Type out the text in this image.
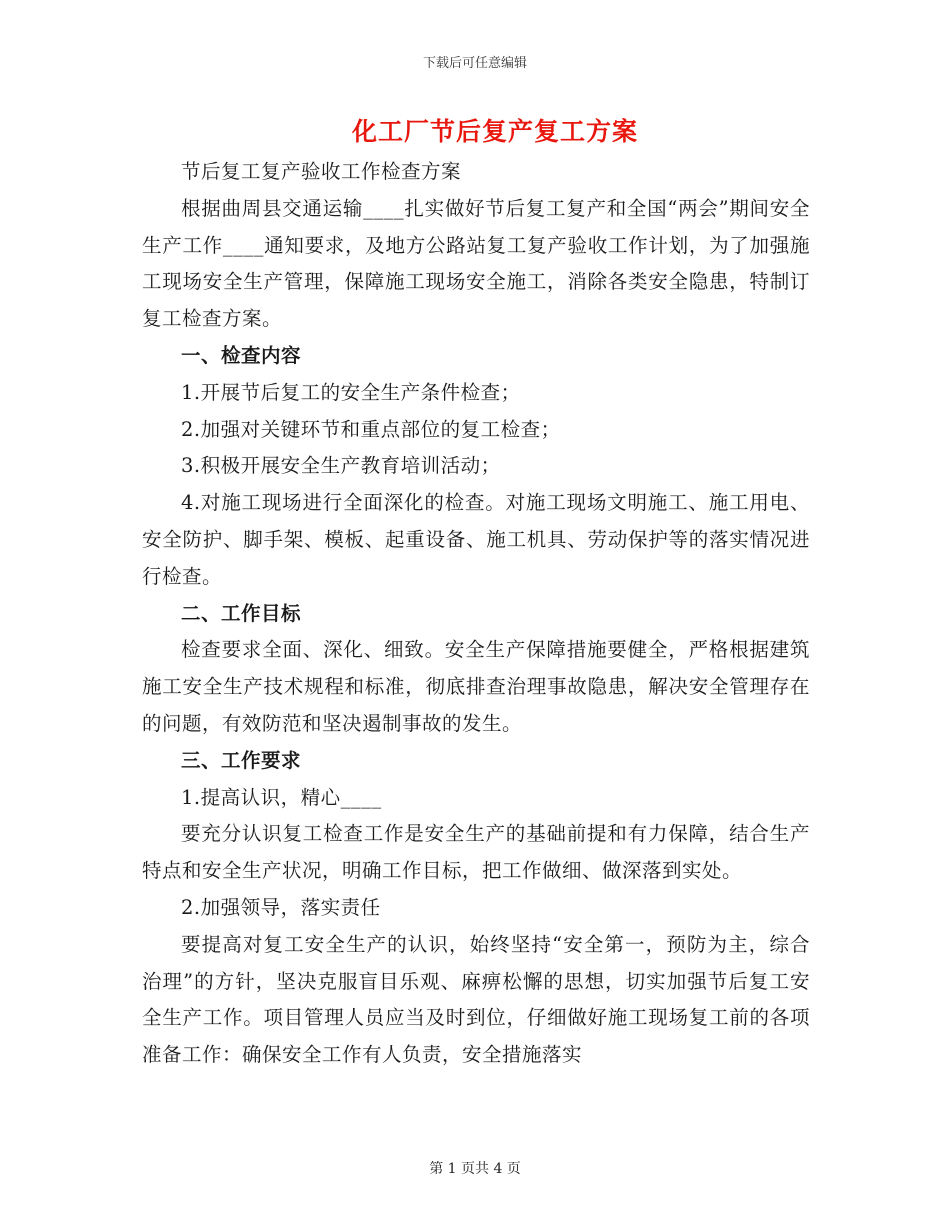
下载后可任意编辑
化工厂节后复产复工方案

节后复工复产验收工作检查方案

根据曲周县交通运输____扎实做好节后复工复产和全国“两会”期间安全生产工作____通知要求，及地方公路站复工复产验收工作计划，为了加强施工现场安全生产管理，保障施工现场安全施工，消除各类安全隐患，特制订复工检查方案。

一、检查内容

1.开展节后复工的安全生产条件检查；

2.加强对关键环节和重点部位的复工检查；

3.积极开展安全生产教育培训活动；

4.对施工现场进行全面深化的检查。对施工现场文明施工、施工用电、安全防护、脚手架、模板、起重设备、施工机具、劳动保护等的落实情况进行检查。

二、工作目标

检查要求全面、深化、细致。安全生产保障措施要健全，严格根据建筑施工安全生产技术规程和标准，彻底排查治理事故隐患，解决安全管理存在的问题，有效防范和坚决遏制事故的发生。

三、工作要求

1.提高认识，精心____

要充分认识复工检查工作是安全生产的基础前提和有力保障，结合生产特点和安全生产状况，明确工作目标，把工作做细、做深落到实处。

2.加强领导，落实责任

要提高对复工安全生产的认识，始终坚持“安全第一，预防为主，综合治理”的方针，坚决克服盲目乐观、麻痹松懈的思想，切实加强节后复工安全生产工作。项目管理人员应当及时到位，仔细做好施工现场复工前的各项准备工作：确保安全工作有人负责，安全措施落实

第 1 页共 4 页
